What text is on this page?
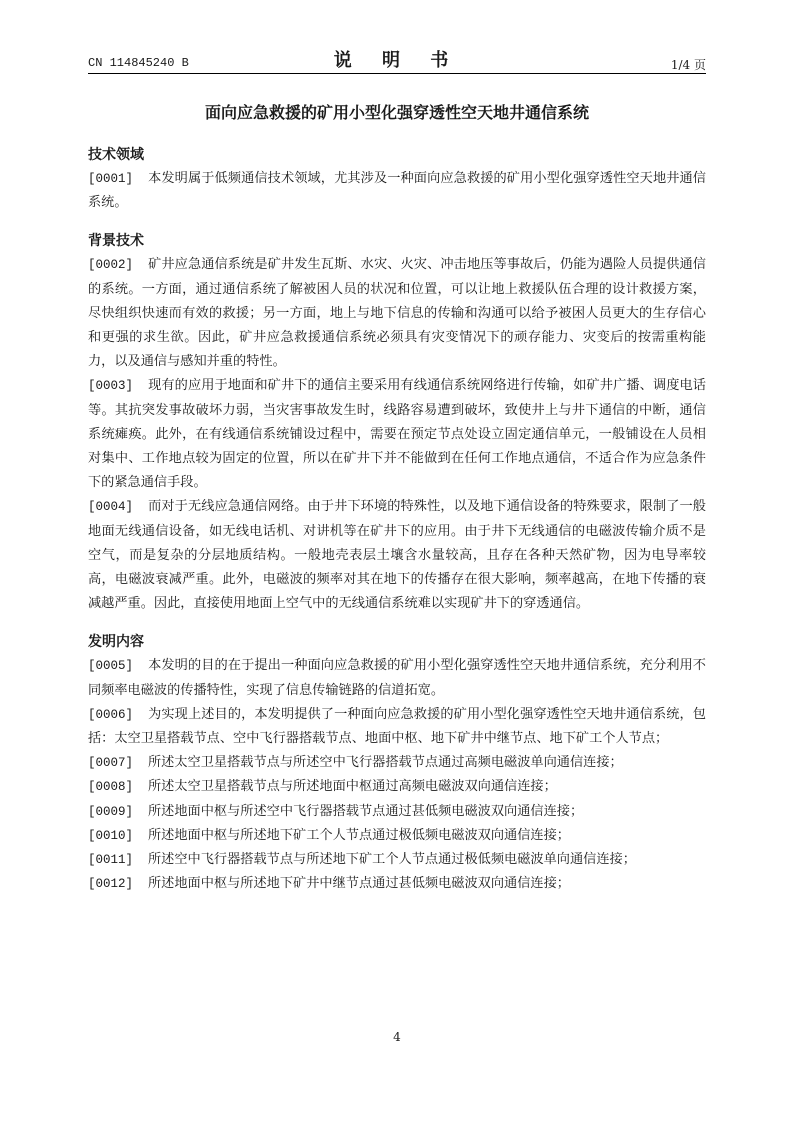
CN 114845240 B	说 明 书	1/4 页
面向应急救援的矿用小型化强穿透性空天地井通信系统
技术领域
[0001] 本发明属于低频通信技术领域，尤其涉及一种面向应急救援的矿用小型化强穿透性空天地井通信系统。
背景技术
[0002] 矿井应急通信系统是矿井发生瓦斯、水灾、火灾、冲击地压等事故后，仍能为遇险人员提供通信的系统。一方面，通过通信系统了解被困人员的状况和位置，可以让地上救援队伍合理的设计救援方案，尽快组织快速而有效的救援；另一方面，地上与地下信息的传输和沟通可以给予被困人员更大的生存信心和更强的求生欲。因此，矿井应急救援通信系统必须具有灾变情况下的顽存能力、灾变后的按需重构能力，以及通信与感知并重的特性。
[0003] 现有的应用于地面和矿井下的通信主要采用有线通信系统网络进行传输，如矿井广播、调度电话等。其抗突发事故破坏力弱，当灾害事故发生时，线路容易遭到破坏，致使井上与井下通信的中断，通信系统瘫痪。此外，在有线通信系统铺设过程中，需要在预定节点处设立固定通信单元，一般铺设在人员相对集中、工作地点较为固定的位置，所以在矿井下并不能做到在任何工作地点通信，不适合作为应急条件下的紧急通信手段。
[0004] 而对于无线应急通信网络。由于井下环境的特殊性，以及地下通信设备的特殊要求，限制了一般地面无线通信设备，如无线电话机、对讲机等在矿井下的应用。由于井下无线通信的电磁波传输介质不是空气，而是复杂的分层地质结构。一般地壳表层土壤含水量较高，且存在各种天然矿物，因为电导率较高，电磁波衰减严重。此外，电磁波的频率对其在地下的传播存在很大影响，频率越高，在地下传播的衰减越严重。因此，直接使用地面上空气中的无线通信系统难以实现矿井下的穿透通信。
发明内容
[0005] 本发明的目的在于提出一种面向应急救援的矿用小型化强穿透性空天地井通信系统，充分利用不同频率电磁波的传播特性，实现了信息传输链路的信道拓宽。
[0006] 为实现上述目的，本发明提供了一种面向应急救援的矿用小型化强穿透性空天地井通信系统，包括：太空卫星搭载节点、空中飞行器搭载节点、地面中枢、地下矿井中继节点、地下矿工个人节点；
[0007] 所述太空卫星搭载节点与所述空中飞行器搭载节点通过高频电磁波单向通信连接；
[0008] 所述太空卫星搭载节点与所述地面中枢通过高频电磁波双向通信连接；
[0009] 所述地面中枢与所述空中飞行器搭载节点通过甚低频电磁波双向通信连接；
[0010] 所述地面中枢与所述地下矿工个人节点通过极低频电磁波双向通信连接；
[0011] 所述空中飞行器搭载节点与所述地下矿工个人节点通过极低频电磁波单向通信连接；
[0012] 所述地面中枢与所述地下矿井中继节点通过甚低频电磁波双向通信连接；
4
